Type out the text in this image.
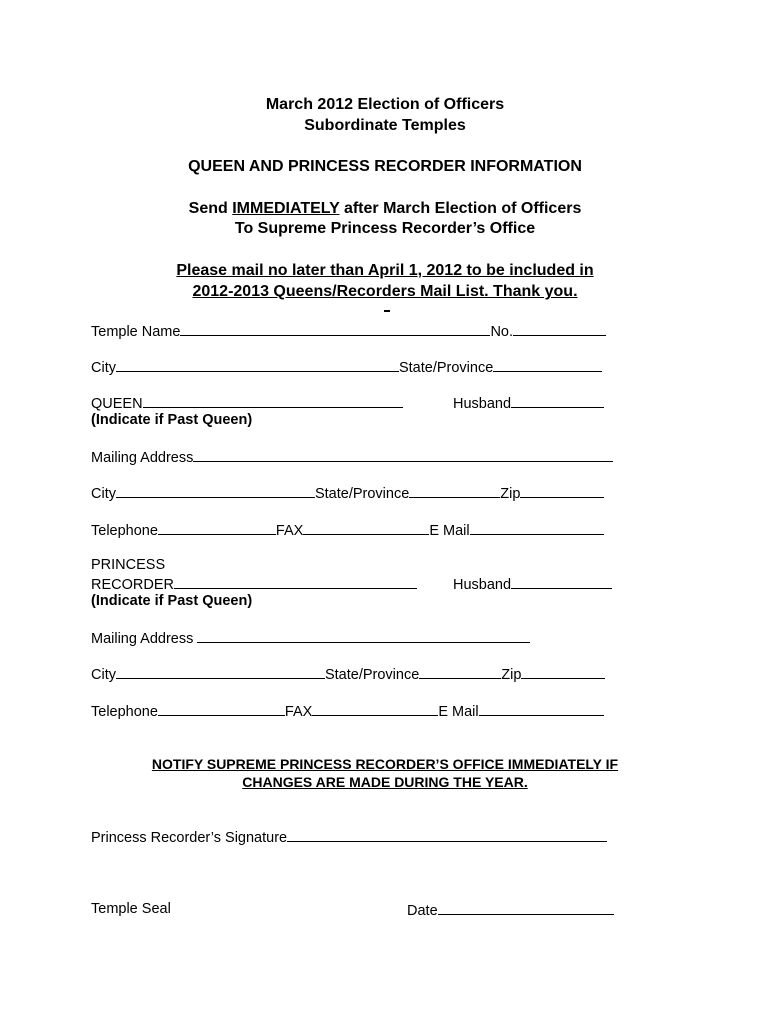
March 2012 Election of Officers
Subordinate Temples
QUEEN AND PRINCESS RECORDER INFORMATION
Send IMMEDIATELY after March Election of Officers
To Supreme Princess Recorder’s Office
Please mail no later than April 1, 2012 to be included in
2012-2013 Queens/Recorders Mail List. Thank you.
Temple Name	No.
City	State/Province
QUEEN	Husband
(Indicate if Past Queen)
Mailing Address
City	State/Province	Zip
Telephone	FAX	E Mail
PRINCESS
RECORDER	Husband
(Indicate if Past Queen)
Mailing Address
City	State/Province	Zip
Telephone	FAX	E Mail
NOTIFY SUPREME PRINCESS RECORDER’S OFFICE IMMEDIATELY IF
CHANGES ARE MADE DURING THE YEAR.
Princess Recorder’s Signature
Temple Seal	Date
